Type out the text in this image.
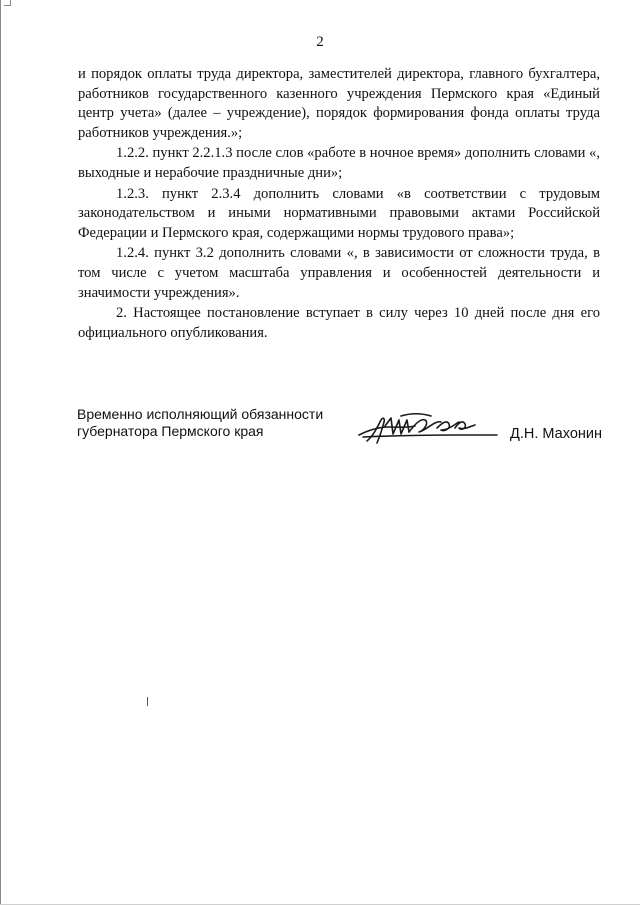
2

и порядок оплаты труда директора, заместителей директора, главного бухгалтера, работников государственного казенного учреждения Пермского края «Единый центр учета» (далее – учреждение), порядок формирования фонда оплаты труда работников учреждения.»;

1.2.2. пункт 2.2.1.3 после слов «работе в ночное время» дополнить словами «, выходные и нерабочие праздничные дни»;

1.2.3. пункт 2.3.4 дополнить словами «в соответствии с трудовым законодательством и иными нормативными правовыми актами Российской Федерации и Пермского края, содержащими нормы трудового права»;

1.2.4. пункт 3.2 дополнить словами «, в зависимости от сложности труда, в том числе с учетом масштаба управления и особенностей деятельности и значимости учреждения».

2. Настоящее постановление вступает в силу через 10 дней после дня его официального опубликования.

Временно исполняющий обязанности
губернатора Пермского края	Д.Н. Махонин
